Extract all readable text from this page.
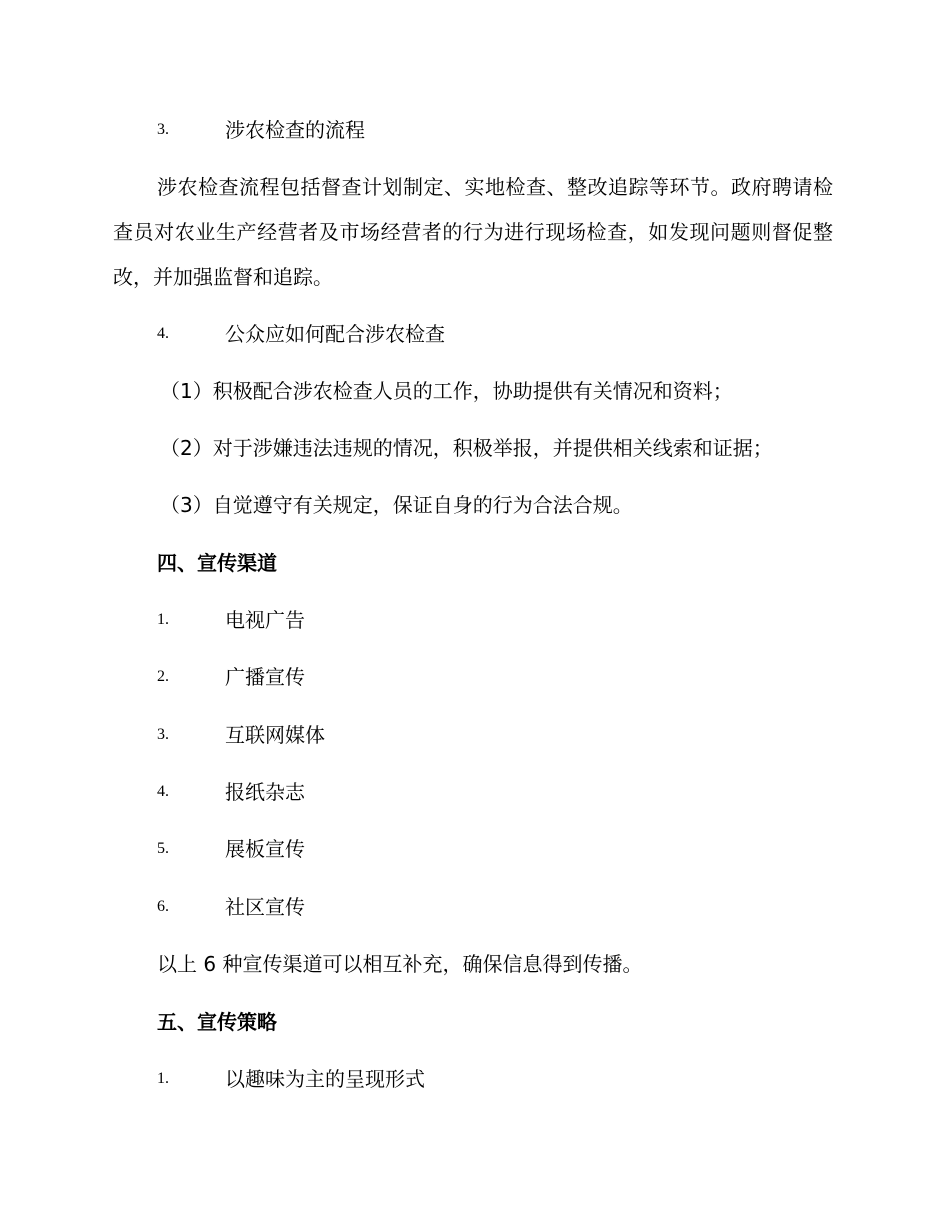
3.	涉农检查的流程
涉农检查流程包括督查计划制定、实地检查、整改追踪等环节。政府聘请检查员对农业生产经营者及市场经营者的行为进行现场检查，如发现问题则督促整改，并加强监督和追踪。
4.	公众应如何配合涉农检查
（1）积极配合涉农检查人员的工作，协助提供有关情况和资料；
（2）对于涉嫌违法违规的情况，积极举报，并提供相关线索和证据；
（3）自觉遵守有关规定，保证自身的行为合法合规。
四、宣传渠道
1.	电视广告
2.	广播宣传
3.	互联网媒体
4.	报纸杂志
5.	展板宣传
6.	社区宣传
以上 6 种宣传渠道可以相互补充，确保信息得到传播。
五、宣传策略
1.	以趣味为主的呈现形式
